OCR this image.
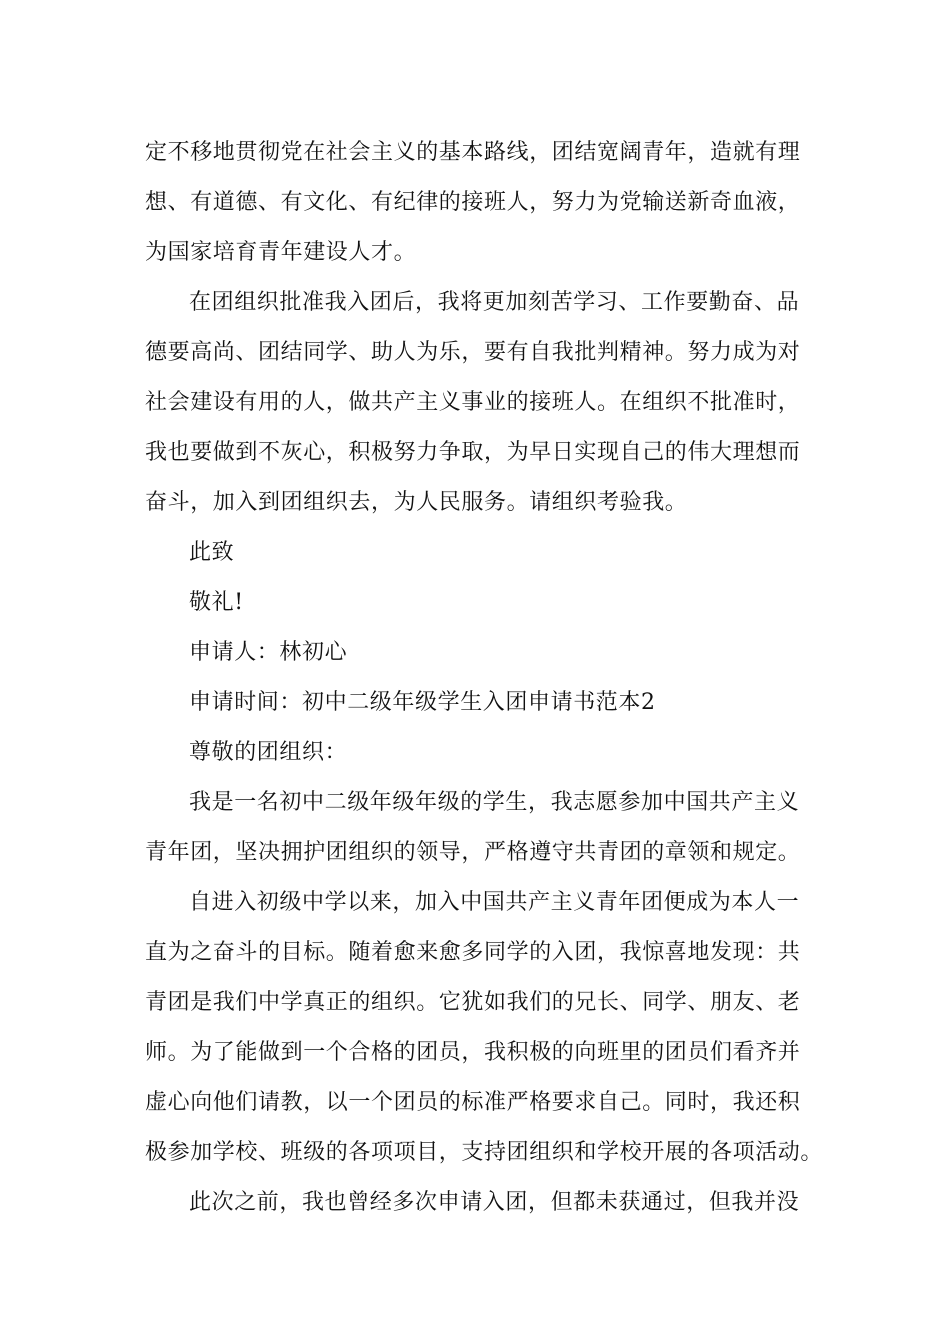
定不移地贯彻党在社会主义的基本路线，团结宽阔青年，造就有理
想、有道德、有文化、有纪律的接班人，努力为党输送新奇血液，
为国家培育青年建设人才。
在团组织批准我入团后，我将更加刻苦学习、工作要勤奋、品
德要高尚、团结同学、助人为乐，要有自我批判精神。努力成为对
社会建设有用的人，做共产主义事业的接班人。在组织不批准时，
我也要做到不灰心，积极努力争取，为早日实现自己的伟大理想而
奋斗，加入到团组织去，为人民服务。请组织考验我。
此致
敬礼!
申请人：林初心
申请时间：初中二级年级学生入团申请书范本2
尊敬的团组织：
我是一名初中二级年级年级的学生，我志愿参加中国共产主义
青年团，坚决拥护团组织的领导，严格遵守共青团的章领和规定。
自进入初级中学以来，加入中国共产主义青年团便成为本人一
直为之奋斗的目标。随着愈来愈多同学的入团，我惊喜地发现：共
青团是我们中学真正的组织。它犹如我们的兄长、同学、朋友、老
师。为了能做到一个合格的团员，我积极的向班里的团员们看齐并
虚心向他们请教，以一个团员的标准严格要求自己。同时，我还积
极参加学校、班级的各项项目，支持团组织和学校开展的各项活动。
此次之前，我也曾经多次申请入团，但都未获通过，但我并没
